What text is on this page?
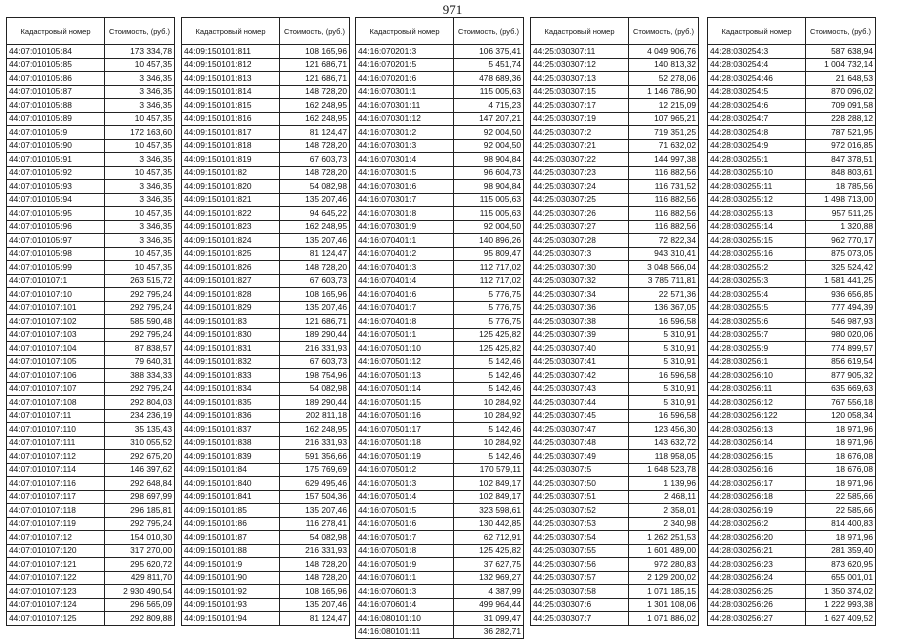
971
Кадастровый номер	Стоимость, (руб.)
44:07:010105:84	173 334,78
44:07:010105:85	10 457,35
44:07:010105:86	3 346,35
44:07:010105:87	3 346,35
44:07:010105:88	3 346,35
44:07:010105:89	10 457,35
44:07:010105:9	172 163,60
44:07:010105:90	10 457,35
44:07:010105:91	3 346,35
44:07:010105:92	10 457,35
44:07:010105:93	3 346,35
44:07:010105:94	3 346,35
44:07:010105:95	10 457,35
44:07:010105:96	3 346,35
44:07:010105:97	3 346,35
44:07:010105:98	10 457,35
44:07:010105:99	10 457,35
44:07:010107:1	263 515,72
44:07:010107:10	292 795,24
44:07:010107:101	292 795,24
44:07:010107:102	585 590,48
44:07:010107:103	292 795,24
44:07:010107:104	87 838,57
44:07:010107:105	79 640,31
44:07:010107:106	388 334,33
44:07:010107:107	292 795,24
44:07:010107:108	292 804,03
44:07:010107:11	234 236,19
44:07:010107:110	35 135,43
44:07:010107:111	310 055,52
44:07:010107:112	292 675,20
44:07:010107:114	146 397,62
44:07:010107:116	292 648,84
44:07:010107:117	298 697,99
44:07:010107:118	296 185,81
44:07:010107:119	292 795,24
44:07:010107:12	154 010,30
44:07:010107:120	317 270,00
44:07:010107:121	295 620,72
44:07:010107:122	429 811,70
44:07:010107:123	2 930 490,54
44:07:010107:124	296 565,09
44:07:010107:125	292 809,88
Кадастровый номер	Стоимость, (руб.)
44:09:150101:811	108 165,96
44:09:150101:812	121 686,71
44:09:150101:813	121 686,71
44:09:150101:814	148 728,20
44:09:150101:815	162 248,95
44:09:150101:816	162 248,95
44:09:150101:817	81 124,47
44:09:150101:818	148 728,20
44:09:150101:819	67 603,73
44:09:150101:82	148 728,20
44:09:150101:820	54 082,98
44:09:150101:821	135 207,46
44:09:150101:822	94 645,22
44:09:150101:823	162 248,95
44:09:150101:824	135 207,46
44:09:150101:825	81 124,47
44:09:150101:826	148 728,20
44:09:150101:827	67 603,73
44:09:150101:828	108 165,96
44:09:150101:829	135 207,46
44:09:150101:83	121 686,71
44:09:150101:830	189 290,44
44:09:150101:831	216 331,93
44:09:150101:832	67 603,73
44:09:150101:833	198 754,96
44:09:150101:834	54 082,98
44:09:150101:835	189 290,44
44:09:150101:836	202 811,18
44:09:150101:837	162 248,95
44:09:150101:838	216 331,93
44:09:150101:839	591 356,66
44:09:150101:84	175 769,69
44:09:150101:840	629 495,46
44:09:150101:841	157 504,36
44:09:150101:85	135 207,46
44:09:150101:86	116 278,41
44:09:150101:87	54 082,98
44:09:150101:88	216 331,93
44:09:150101:9	148 728,20
44:09:150101:90	148 728,20
44:09:150101:92	108 165,96
44:09:150101:93	135 207,46
44:09:150101:94	81 124,47
Кадастровый номер	Стоимость, (руб.)
44:16:070201:3	106 375,41
44:16:070201:5	5 451,74
44:16:070201:6	478 689,36
44:16:070301:1	115 005,63
44:16:070301:11	4 715,23
44:16:070301:12	147 207,21
44:16:070301:2	92 004,50
44:16:070301:3	92 004,50
44:16:070301:4	98 904,84
44:16:070301:5	96 604,73
44:16:070301:6	98 904,84
44:16:070301:7	115 005,63
44:16:070301:8	115 005,63
44:16:070301:9	92 004,50
44:16:070401:1	140 896,26
44:16:070401:2	95 809,47
44:16:070401:3	112 717,02
44:16:070401:4	112 717,02
44:16:070401:6	5 776,75
44:16:070401:7	5 776,75
44:16:070401:8	5 776,75
44:16:070501:1	125 425,82
44:16:070501:10	125 425,82
44:16:070501:12	5 142,46
44:16:070501:13	5 142,46
44:16:070501:14	5 142,46
44:16:070501:15	10 284,92
44:16:070501:16	10 284,92
44:16:070501:17	5 142,46
44:16:070501:18	10 284,92
44:16:070501:19	5 142,46
44:16:070501:2	170 579,11
44:16:070501:3	102 849,17
44:16:070501:4	102 849,17
44:16:070501:5	323 598,61
44:16:070501:6	130 442,85
44:16:070501:7	62 712,91
44:16:070501:8	125 425,82
44:16:070501:9	37 627,75
44:16:070601:1	132 969,27
44:16:070601:3	4 387,99
44:16:070601:4	499 964,44
44:16:080101:10	31 099,47
44:16:080101:11	36 282,71
Кадастровый номер	Стоимость, (руб.)
44:25:030307:11	4 049 906,76
44:25:030307:12	140 813,32
44:25:030307:13	52 278,06
44:25:030307:15	1 146 786,90
44:25:030307:17	12 215,09
44:25:030307:19	107 965,21
44:25:030307:2	719 351,25
44:25:030307:21	71 632,02
44:25:030307:22	144 997,38
44:25:030307:23	116 882,56
44:25:030307:24	116 731,52
44:25:030307:25	116 882,56
44:25:030307:26	116 882,56
44:25:030307:27	116 882,56
44:25:030307:28	72 822,34
44:25:030307:3	943 310,41
44:25:030307:30	3 048 566,04
44:25:030307:32	3 785 711,81
44:25:030307:34	22 571,36
44:25:030307:36	136 367,05
44:25:030307:38	16 596,58
44:25:030307:39	5 310,91
44:25:030307:40	5 310,91
44:25:030307:41	5 310,91
44:25:030307:42	16 596,58
44:25:030307:43	5 310,91
44:25:030307:44	5 310,91
44:25:030307:45	16 596,58
44:25:030307:47	123 456,30
44:25:030307:48	143 632,72
44:25:030307:49	118 958,05
44:25:030307:5	1 648 523,78
44:25:030307:50	1 139,96
44:25:030307:51	2 468,11
44:25:030307:52	2 358,01
44:25:030307:53	2 340,98
44:25:030307:54	1 262 251,53
44:25:030307:55	1 601 489,00
44:25:030307:56	972 280,83
44:25:030307:57	2 129 200,02
44:25:030307:58	1 071 185,15
44:25:030307:6	1 301 108,06
44:25:030307:7	1 071 886,02
Кадастровый номер	Стоимость, (руб.)
44:28:030254:3	587 638,94
44:28:030254:4	1 004 732,14
44:28:030254:46	21 648,53
44:28:030254:5	870 096,02
44:28:030254:6	709 091,58
44:28:030254:7	228 288,12
44:28:030254:8	787 521,95
44:28:030254:9	972 016,85
44:28:030255:1	847 378,51
44:28:030255:10	848 803,61
44:28:030255:11	18 785,56
44:28:030255:12	1 498 713,00
44:28:030255:13	957 511,25
44:28:030255:14	1 320,88
44:28:030255:15	962 770,17
44:28:030255:16	875 073,05
44:28:030255:2	325 524,42
44:28:030255:3	1 581 441,25
44:28:030255:4	936 656,85
44:28:030255:5	777 494,39
44:28:030255:6	546 987,93
44:28:030255:7	980 020,06
44:28:030255:9	774 899,57
44:28:030256:1	856 619,54
44:28:030256:10	877 905,32
44:28:030256:11	635 669,63
44:28:030256:12	767 556,18
44:28:030256:122	120 058,34
44:28:030256:13	18 971,96
44:28:030256:14	18 971,96
44:28:030256:15	18 676,08
44:28:030256:16	18 676,08
44:28:030256:17	18 971,96
44:28:030256:18	22 585,66
44:28:030256:19	22 585,66
44:28:030256:2	814 400,83
44:28:030256:20	18 971,96
44:28:030256:21	281 359,40
44:28:030256:23	873 620,95
44:28:030256:24	655 001,01
44:28:030256:25	1 350 374,02
44:28:030256:26	1 222 993,38
44:28:030256:27	1 627 409,52
